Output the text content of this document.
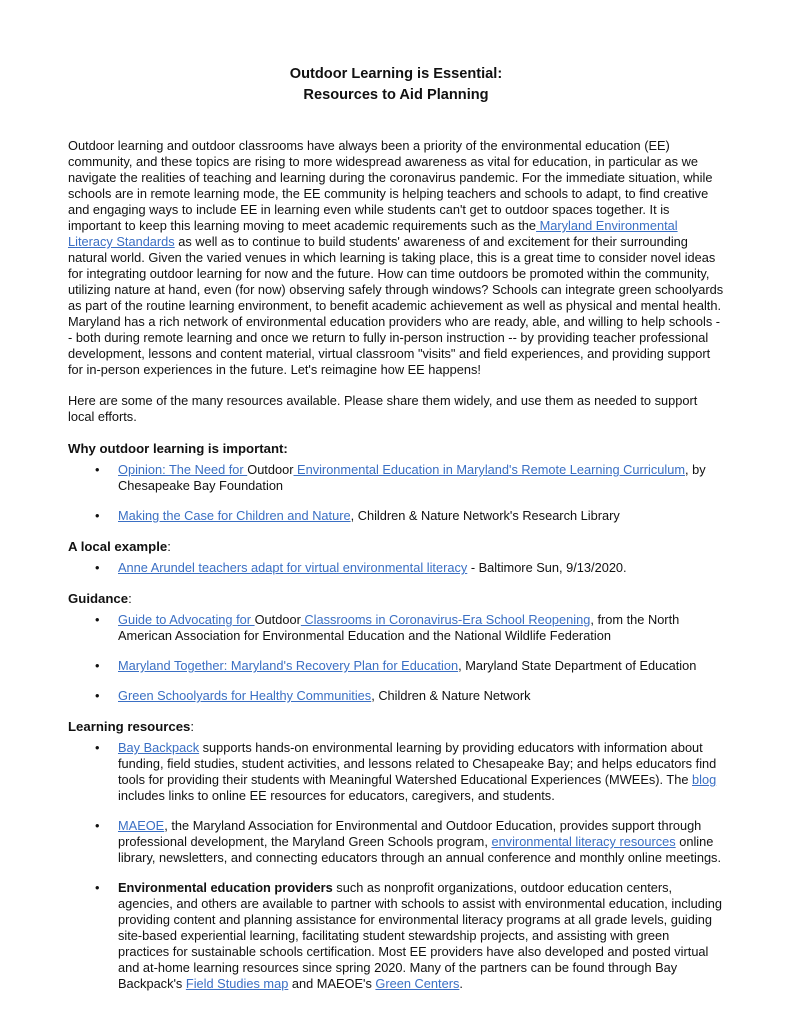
Outdoor Learning is Essential:
Resources to Aid Planning

Outdoor learning and outdoor classrooms have always been a priority of the environmental education (EE) community, and these topics are rising to more widespread awareness as vital for education, in particular as we navigate the realities of teaching and learning during the coronavirus pandemic. For the immediate situation, while schools are in remote learning mode, the EE community is helping teachers and schools to adapt, to find creative and engaging ways to include EE in learning even while students can't get to outdoor spaces together. It is important to keep this learning moving to meet academic requirements such as the Maryland Environmental Literacy Standards as well as to continue to build students' awareness of and excitement for their surrounding natural world. Given the varied venues in which learning is taking place, this is a great time to consider novel ideas for integrating outdoor learning for now and the future. How can time outdoors be promoted within the community, utilizing nature at hand, even (for now) observing safely through windows? Schools can integrate green schoolyards as part of the routine learning environment, to benefit academic achievement as well as physical and mental health. Maryland has a rich network of environmental education providers who are ready, able, and willing to help schools -- both during remote learning and once we return to fully in-person instruction -- by providing teacher professional development, lessons and content material, virtual classroom "visits" and field experiences, and providing support for in-person experiences in the future. Let's reimagine how EE happens!

Here are some of the many resources available. Please share them widely, and use them as needed to support local efforts.

Why outdoor learning is important:
•	Opinion: The Need for Outdoor Environmental Education in Maryland's Remote Learning Curriculum, by Chesapeake Bay Foundation
•	Making the Case for Children and Nature, Children & Nature Network's Research Library
A local example:
•	Anne Arundel teachers adapt for virtual environmental literacy - Baltimore Sun, 9/13/2020.
Guidance:
•	Guide to Advocating for Outdoor Classrooms in Coronavirus-Era School Reopening, from the North American Association for Environmental Education and the National Wildlife Federation
•	Maryland Together: Maryland's Recovery Plan for Education, Maryland State Department of Education
•	Green Schoolyards for Healthy Communities, Children & Nature Network
Learning resources:
•	Bay Backpack supports hands-on environmental learning by providing educators with information about funding, field studies, student activities, and lessons related to Chesapeake Bay; and helps educators find tools for providing their students with Meaningful Watershed Educational Experiences (MWEEs). The blog includes links to online EE resources for educators, caregivers, and students.
•	MAEOE, the Maryland Association for Environmental and Outdoor Education, provides support through professional development, the Maryland Green Schools program, environmental literacy resources online library, newsletters, and connecting educators through an annual conference and monthly online meetings.
•	Environmental education providers such as nonprofit organizations, outdoor education centers, agencies, and others are available to partner with schools to assist with environmental education, including providing content and planning assistance for environmental literacy programs at all grade levels, guiding site-based experiential learning, facilitating student stewardship projects, and assisting with green practices for sustainable schools certification. Most EE providers have also developed and posted virtual and at-home learning resources since spring 2020. Many of the partners can be found through Bay Backpack's Field Studies map and MAEOE's Green Centers.
